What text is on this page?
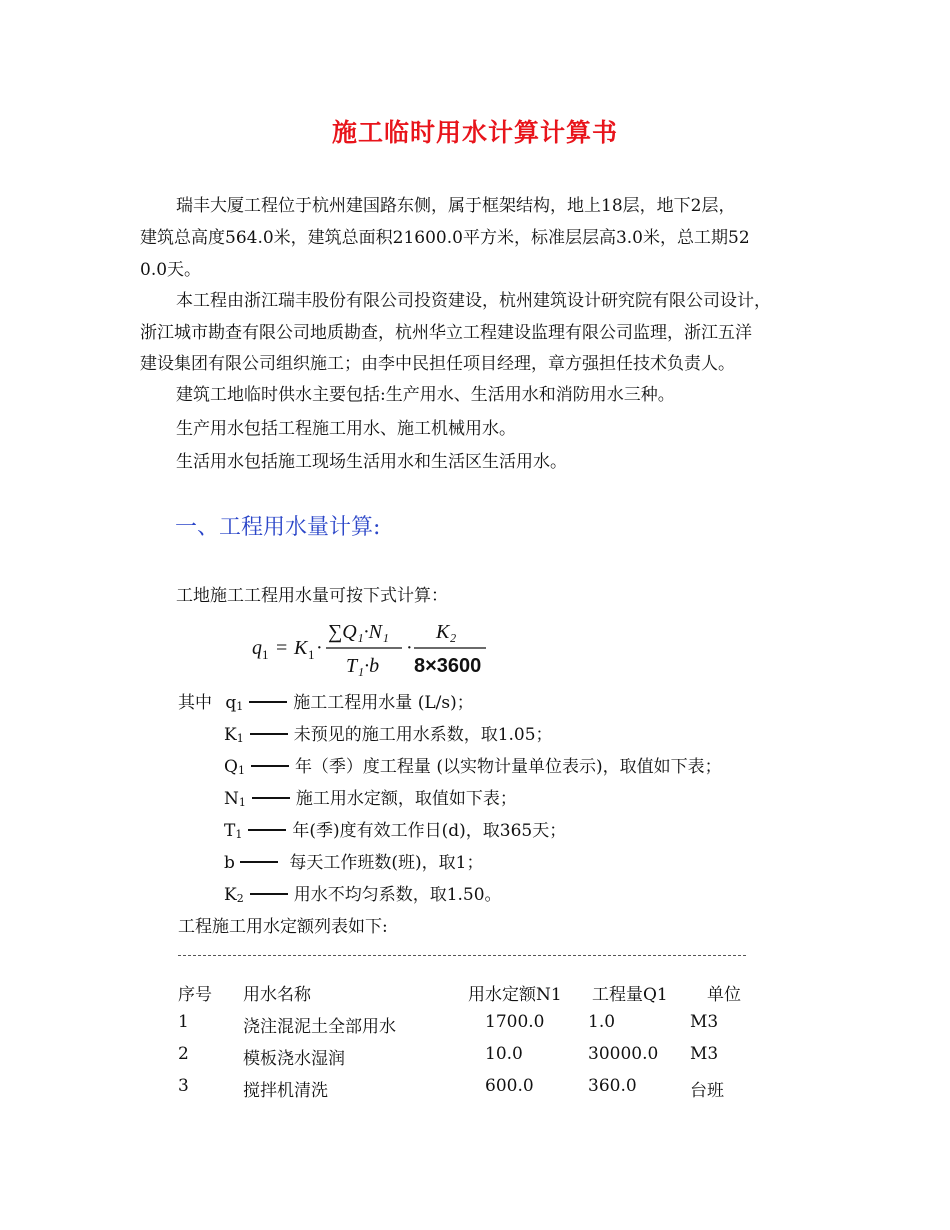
施工临时用水计算计算书

瑞丰大厦工程位于杭州建国路东侧，属于框架结构，地上18层，地下2层，

建筑总高度564.0米，建筑总面积21600.0平方米，标准层层高3.0米，总工期52

0.0天。

本工程由浙江瑞丰股份有限公司投资建设，杭州建筑设计研究院有限公司设计，

浙江城市勘查有限公司地质勘查，杭州华立工程建设监理有限公司监理，浙江五洋

建设集团有限公司组织施工；由李中民担任项目经理，章方强担任技术负责人。

建筑工地临时供水主要包括:生产用水、生活用水和消防用水三种。

生产用水包括工程施工用水、施工机械用水。

生活用水包括施工现场生活用水和生活区生活用水。

一、工程用水量计算:

工地施工工程用水量可按下式计算：

q 1 = K 1 ·
∑Q₁·N₁
T₁·b
·
K₂
8×3600
其中 $q_1$	施工工程用水量 (L/s)；
$K_1$	未预见的施工用水系数，取1.05；
$Q_1$	年（季）度工程量 (以实物计量单位表示)，取值如下表；
$N_1$	施工用水定额，取值如下表；
$T_1$	年(季)度有效工作日(d)，取365天；
b	每天工作班数(班)，取1；
$K_2$	用水不均匀系数，取1.50。
工程施工用水定额列表如下:
序号 用水名称	用水定额N1 工程量Q1 单位
1	浇注混泥土全部用水	1700.0	1.0	M3
2	模板浇水湿润	10.0	30000.0 M3
3	搅拌机清洗	600.0	360.0	台班
